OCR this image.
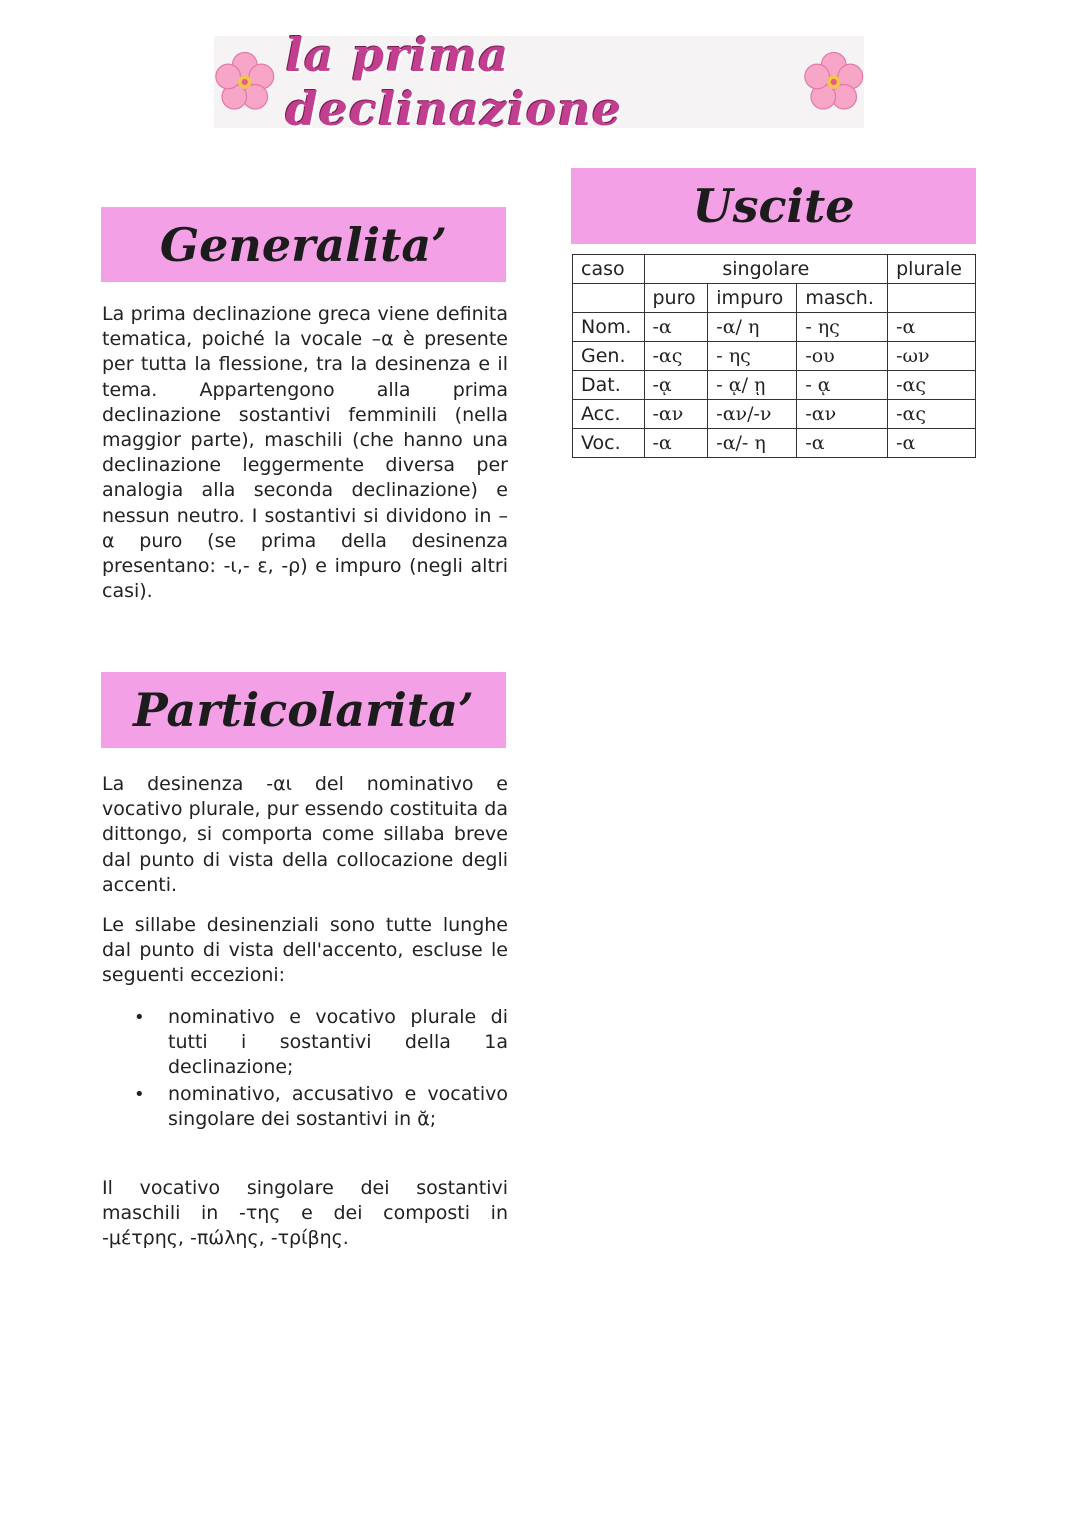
la prima declinazione
Generalita’

La prima declinazione greca viene definita tematica, poiché la vocale –α è presente per tutta la flessione, tra la desinenza e il tema. Appartengono alla prima declinazione sostantivi femminili (nella maggior parte), maschili (che hanno una declinazione leggermente diversa per analogia alla seconda declinazione) e nessun neutro. I sostantivi si dividono in –α puro (se prima della desinenza presentano: -ι,- ε, -ρ) e impuro (negli altri casi).

Particolarita’

La desinenza -αι del nominativo e vocativo plurale, pur essendo costituita da dittongo, si comporta come sillaba breve dal punto di vista della collocazione degli accenti.

Le sillabe desinenziali sono tutte lunghe dal punto di vista dell'accento, escluse le seguenti eccezioni:

• nominativo e vocativo plurale di tutti i sostantivi della 1a declinazione;
• nominativo, accusativo e vocativo singolare dei sostantivi in ᾰ;

Il vocativo singolare dei sostantivi maschili in -της e dei composti in -μέτρης, -πώλης, -τρίβης.

Uscite
caso	singolare			plurale
	puro	impuro	masch.	
Nom.	-α	-α/ η	- ης	-α
Gen.	-ας	- ης	-ου	-ων
Dat.	-ᾳ	- ᾳ/ ῃ	- ᾳ	-ας
Acc.	-αν	-αν/-ν	-αν	-ας
Voc.	-α	-α/- η	-α	-α
